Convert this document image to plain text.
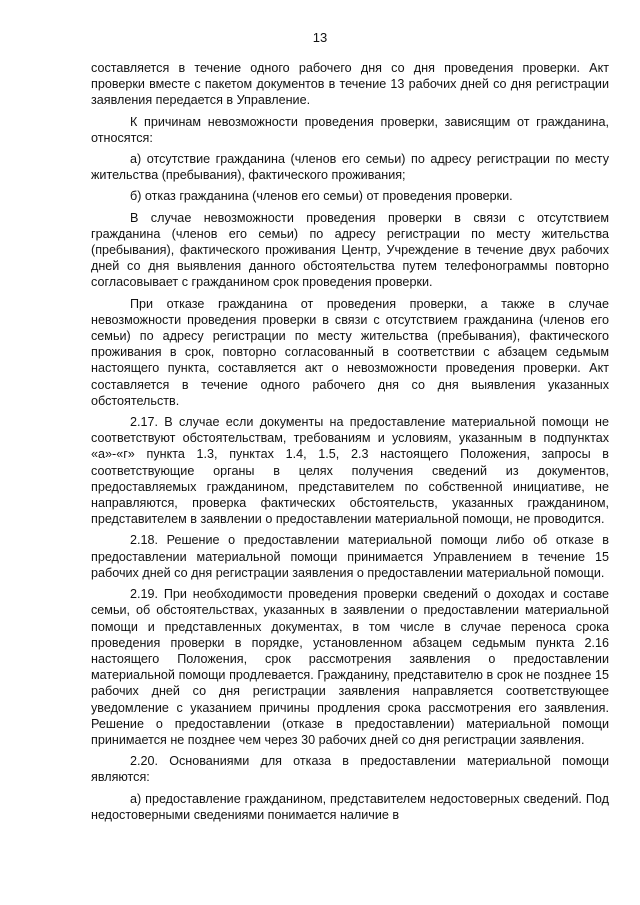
13

составляется в течение одного рабочего дня со дня проведения проверки. Акт проверки вместе с пакетом документов в течение 13 рабочих дней со дня регистрации заявления передается в Управление.

К причинам невозможности проведения проверки, зависящим от гражданина, относятся:

а) отсутствие гражданина (членов его семьи) по адресу регистрации по месту жительства (пребывания), фактического проживания;

б) отказ гражданина (членов его семьи) от проведения проверки.

В случае невозможности проведения проверки в связи с отсутствием гражданина (членов его семьи) по адресу регистрации по месту жительства (пребывания), фактического проживания Центр, Учреждение в течение двух рабочих дней со дня выявления данного обстоятельства путем телефонограммы повторно согласовывает с гражданином срок проведения проверки.

При отказе гражданина от проведения проверки, а также в случае невозможности проведения проверки в связи с отсутствием гражданина (членов его семьи) по адресу регистрации по месту жительства (пребывания), фактического проживания в срок, повторно согласованный в соответствии с абзацем седьмым настоящего пункта, составляется акт о невозможности проведения проверки. Акт составляется в течение одного рабочего дня со дня выявления указанных обстоятельств.

2.17. В случае если документы на предоставление материальной помощи не соответствуют обстоятельствам, требованиям и условиям, указанным в подпунктах «а»-«г» пункта 1.3, пунктах 1.4, 1.5, 2.3 настоящего Положения, запросы в соответствующие органы в целях получения сведений из документов, предоставляемых гражданином, представителем по собственной инициативе, не направляются, проверка фактических обстоятельств, указанных гражданином, представителем в заявлении о предоставлении материальной помощи, не проводится.

2.18. Решение о предоставлении материальной помощи либо об отказе в предоставлении материальной помощи принимается Управлением в течение 15 рабочих дней со дня регистрации заявления о предоставлении материальной помощи.

2.19. При необходимости проведения проверки сведений о доходах и составе семьи, об обстоятельствах, указанных в заявлении о предоставлении материальной помощи и представленных документах, в том числе в случае переноса срока проведения проверки в порядке, установленном абзацем седьмым пункта 2.16 настоящего Положения, срок рассмотрения заявления о предоставлении материальной помощи продлевается. Гражданину, представителю в срок не позднее 15 рабочих дней со дня регистрации заявления направляется соответствующее уведомление с указанием причины продления срока рассмотрения его заявления. Решение о предоставлении (отказе в предоставлении) материальной помощи принимается не позднее чем через 30 рабочих дней со дня регистрации заявления.

2.20. Основаниями для отказа в предоставлении материальной помощи являются:

а) предоставление гражданином, представителем недостоверных сведений. Под недостоверными сведениями понимается наличие в
